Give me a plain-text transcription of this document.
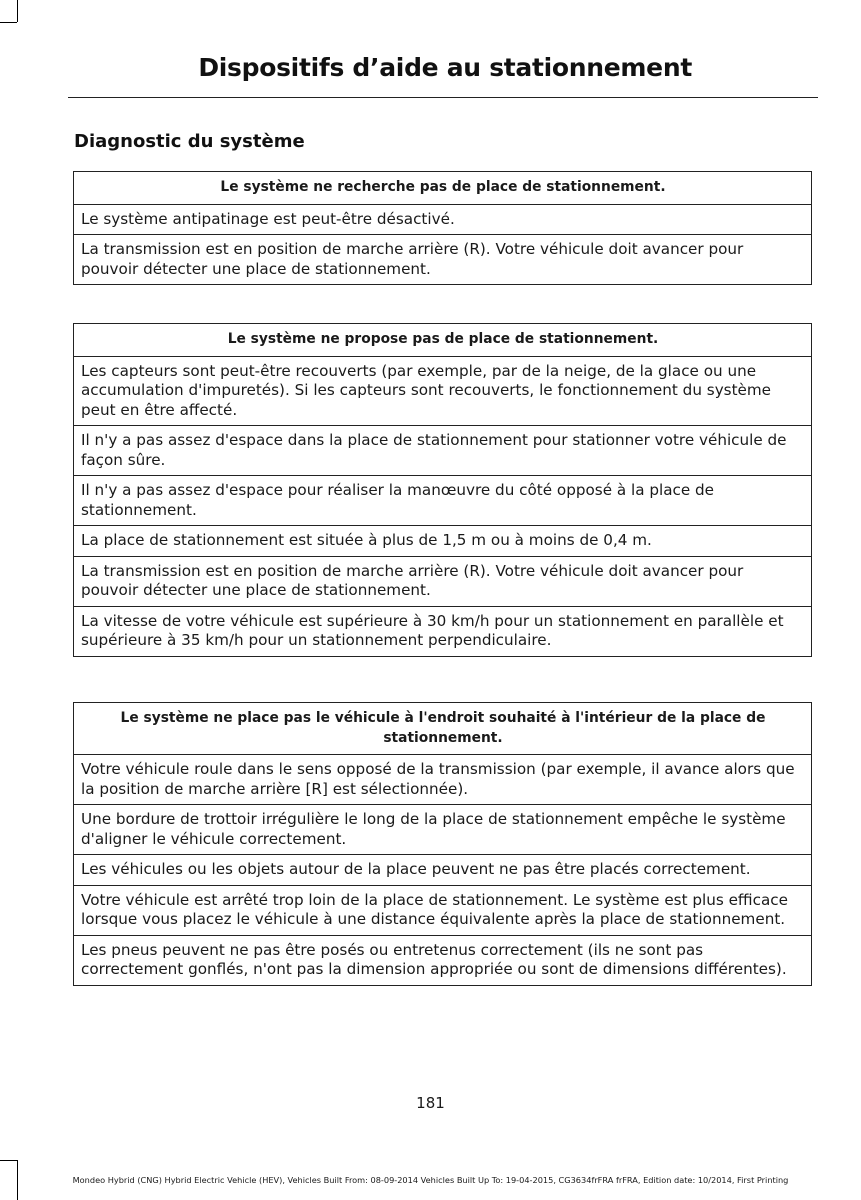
Dispositifs d’aide au stationnement
Diagnostic du système
Le système ne recherche pas de place de stationnement.
Le système antipatinage est peut-être désactivé.
La transmission est en position de marche arrière (R). Votre véhicule doit avancer pour pouvoir détecter une place de stationnement.
Le système ne propose pas de place de stationnement.
Les capteurs sont peut-être recouverts (par exemple, par de la neige, de la glace ou une accumulation d'impuretés). Si les capteurs sont recouverts, le fonctionnement du système peut en être affecté.
Il n'y a pas assez d'espace dans la place de stationnement pour stationner votre véhicule de façon sûre.
Il n'y a pas assez d'espace pour réaliser la manœuvre du côté opposé à la place de stationnement.
La place de stationnement est située à plus de 1,5 m ou à moins de 0,4 m.
La transmission est en position de marche arrière (R). Votre véhicule doit avancer pour pouvoir détecter une place de stationnement.
La vitesse de votre véhicule est supérieure à 30 km/h pour un stationnement en parallèle et supérieure à 35 km/h pour un stationnement perpendiculaire.
Le système ne place pas le véhicule à l'endroit souhaité à l'intérieur de la place de stationnement.
Votre véhicule roule dans le sens opposé de la transmission (par exemple, il avance alors que la position de marche arrière [R] est sélectionnée).
Une bordure de trottoir irrégulière le long de la place de stationnement empêche le système d'aligner le véhicule correctement.
Les véhicules ou les objets autour de la place peuvent ne pas être placés correctement.
Votre véhicule est arrêté trop loin de la place de stationnement. Le système est plus efficace lorsque vous placez le véhicule à une distance équivalente après la place de stationnement.
Les pneus peuvent ne pas être posés ou entretenus correctement (ils ne sont pas correctement gonflés, n'ont pas la dimension appropriée ou sont de dimensions différentes).
181
Mondeo Hybrid (CNG) Hybrid Electric Vehicle (HEV), Vehicles Built From: 08-09-2014 Vehicles Built Up To: 19-04-2015, CG3634frFRA frFRA, Edition date: 10/2014, First Printing
